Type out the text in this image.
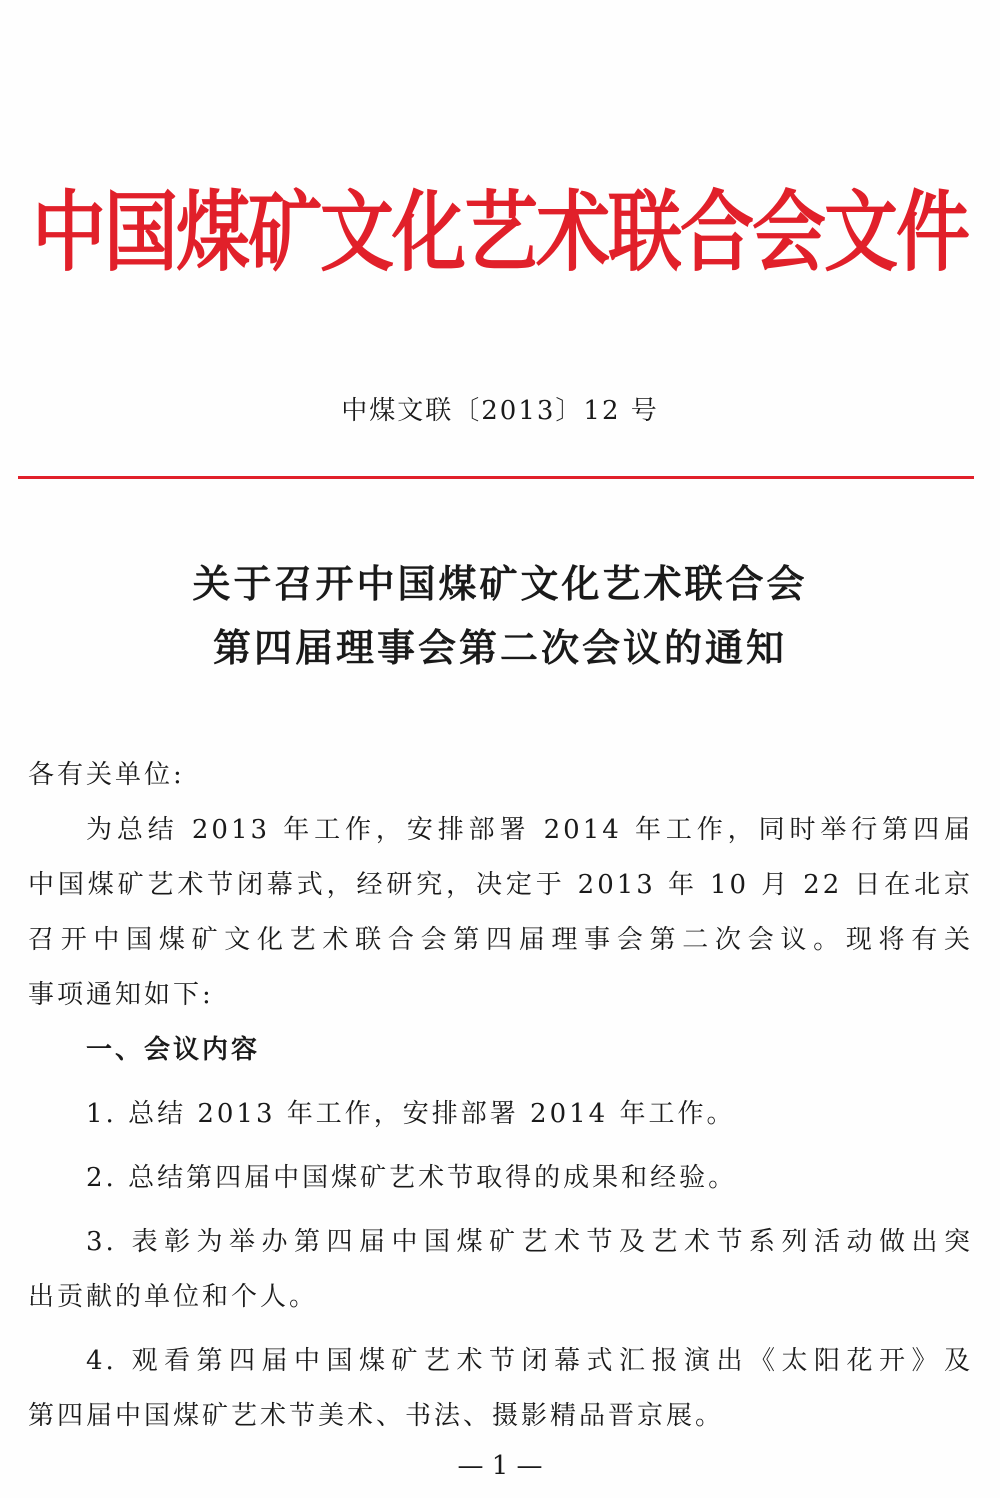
中国煤矿文化艺术联合会文件
中煤文联〔2013〕12 号
关于召开中国煤矿文化艺术联合会
第四届理事会第二次会议的通知
各有关单位:
为总结 2013 年工作，安排部署 2014 年工作，同时举行第四届
中国煤矿艺术节闭幕式，经研究，决定于 2013 年 10 月 22 日在北京
召开中国煤矿文化艺术联合会第四届理事会第二次会议。现将有关
事项通知如下:
一、会议内容
1. 总结 2013 年工作，安排部署 2014 年工作。
2. 总结第四届中国煤矿艺术节取得的成果和经验。
3. 表彰为举办第四届中国煤矿艺术节及艺术节系列活动做出突
出贡献的单位和个人。
4. 观看第四届中国煤矿艺术节闭幕式汇报演出《太阳花开》及
第四届中国煤矿艺术节美术、书法、摄影精品晋京展。
— 1 —
